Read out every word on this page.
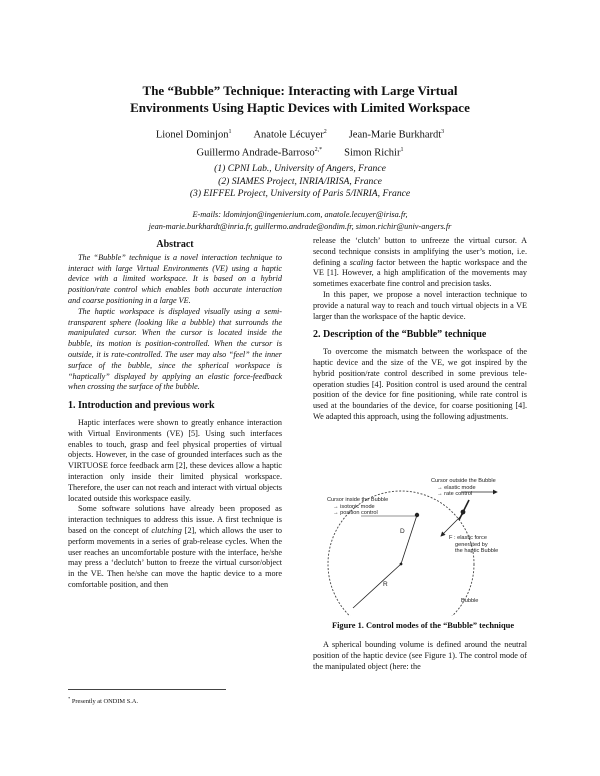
The “Bubble” Technique: Interacting with Large Virtual
Environments Using Haptic Devices with Limited Workspace
Lionel Dominjon$^1$ Anatole Lécuyer$^2$ Jean-Marie Burkhardt$^3$
Guillermo Andrade-Barroso$^{2,*}$ Simon Richir$^1$
(1) CPNI Lab., University of Angers, France
(2) SIAMES Project, INRIA/IRISA, France
(3) EIFFEL Project, University of Paris 5/INRIA, France
E-mails: ldominjon@ingenierium.com, anatole.lecuyer@irisa.fr,
jean-marie.burkhardt@inria.fr, guillermo.andrade@ondim.fr, simon.richir@univ-angers.fr
Abstract

The “Bubble” technique is a novel interaction technique to interact with large Virtual Environments (VE) using a haptic device with a limited workspace. It is based on a hybrid position/rate control which enables both accurate interaction and coarse positioning in a large VE.

The haptic workspace is displayed visually using a semi-transparent sphere (looking like a bubble) that surrounds the manipulated cursor. When the cursor is located inside the bubble, its motion is position-controlled. When the cursor is outside, it is rate-controlled. The user may also “feel” the inner surface of the bubble, since the spherical workspace is “haptically” displayed by applying an elastic force-feedback when crossing the surface of the bubble.

1. Introduction and previous work

Haptic interfaces were shown to greatly enhance interaction with Virtual Environments (VE) [5]. Using such interfaces enables to touch, grasp and feel physical properties of virtual objects. However, in the case of grounded interfaces such as the VIRTUOSE force feedback arm [2], these devices allow a haptic interaction only inside their limited physical workspace. Therefore, the user can not reach and interact with virtual objects located outside this workspace easily.

Some software solutions have already been proposed as interaction techniques to address this issue. A first technique is based on the concept of clutching [2], which allows the user to perform movements in a series of grab-release cycles. When the user reaches an uncomfortable posture with the interface, he/she may press a ‘declutch’ button to freeze the virtual cursor/object in the VE. Then he/she can move the haptic device to a more comfortable position, and then

release the ‘clutch’ button to unfreeze the virtual cursor. A second technique consists in amplifying the user’s motion, i.e. defining a scaling factor between the haptic workspace and the VE [1]. However, a high amplification of the movements may sometimes exacerbate fine control and precision tasks.

In this paper, we propose a novel interaction technique to provide a natural way to reach and touch virtual objects in a VE larger than the workspace of the haptic device.

2. Description of the “Bubble” technique

To overcome the mismatch between the workspace of the haptic device and the size of the VE, we got inspired by the hybrid position/rate control described in some previous tele-operation studies [4]. Position control is used around the central position of the device for fine positioning, while rate control is used at the boundaries of the device, for coarse positioning [4]. We adapted this approach, using the following adjustments.

Cursor outside the Bubble
→ elastic mode
→ rate control
Cursor inside the Bubble
→ isotonic mode
→ position control
D
R
F : elastic force
generated by
the haptic Bubble
Bubble
Figure 1. Control modes of the “Bubble” technique

A spherical bounding volume is defined around the neutral position of the haptic device (see Figure 1). The control mode of the manipulated object (here: the

* Presently at ONDIM S.A.
